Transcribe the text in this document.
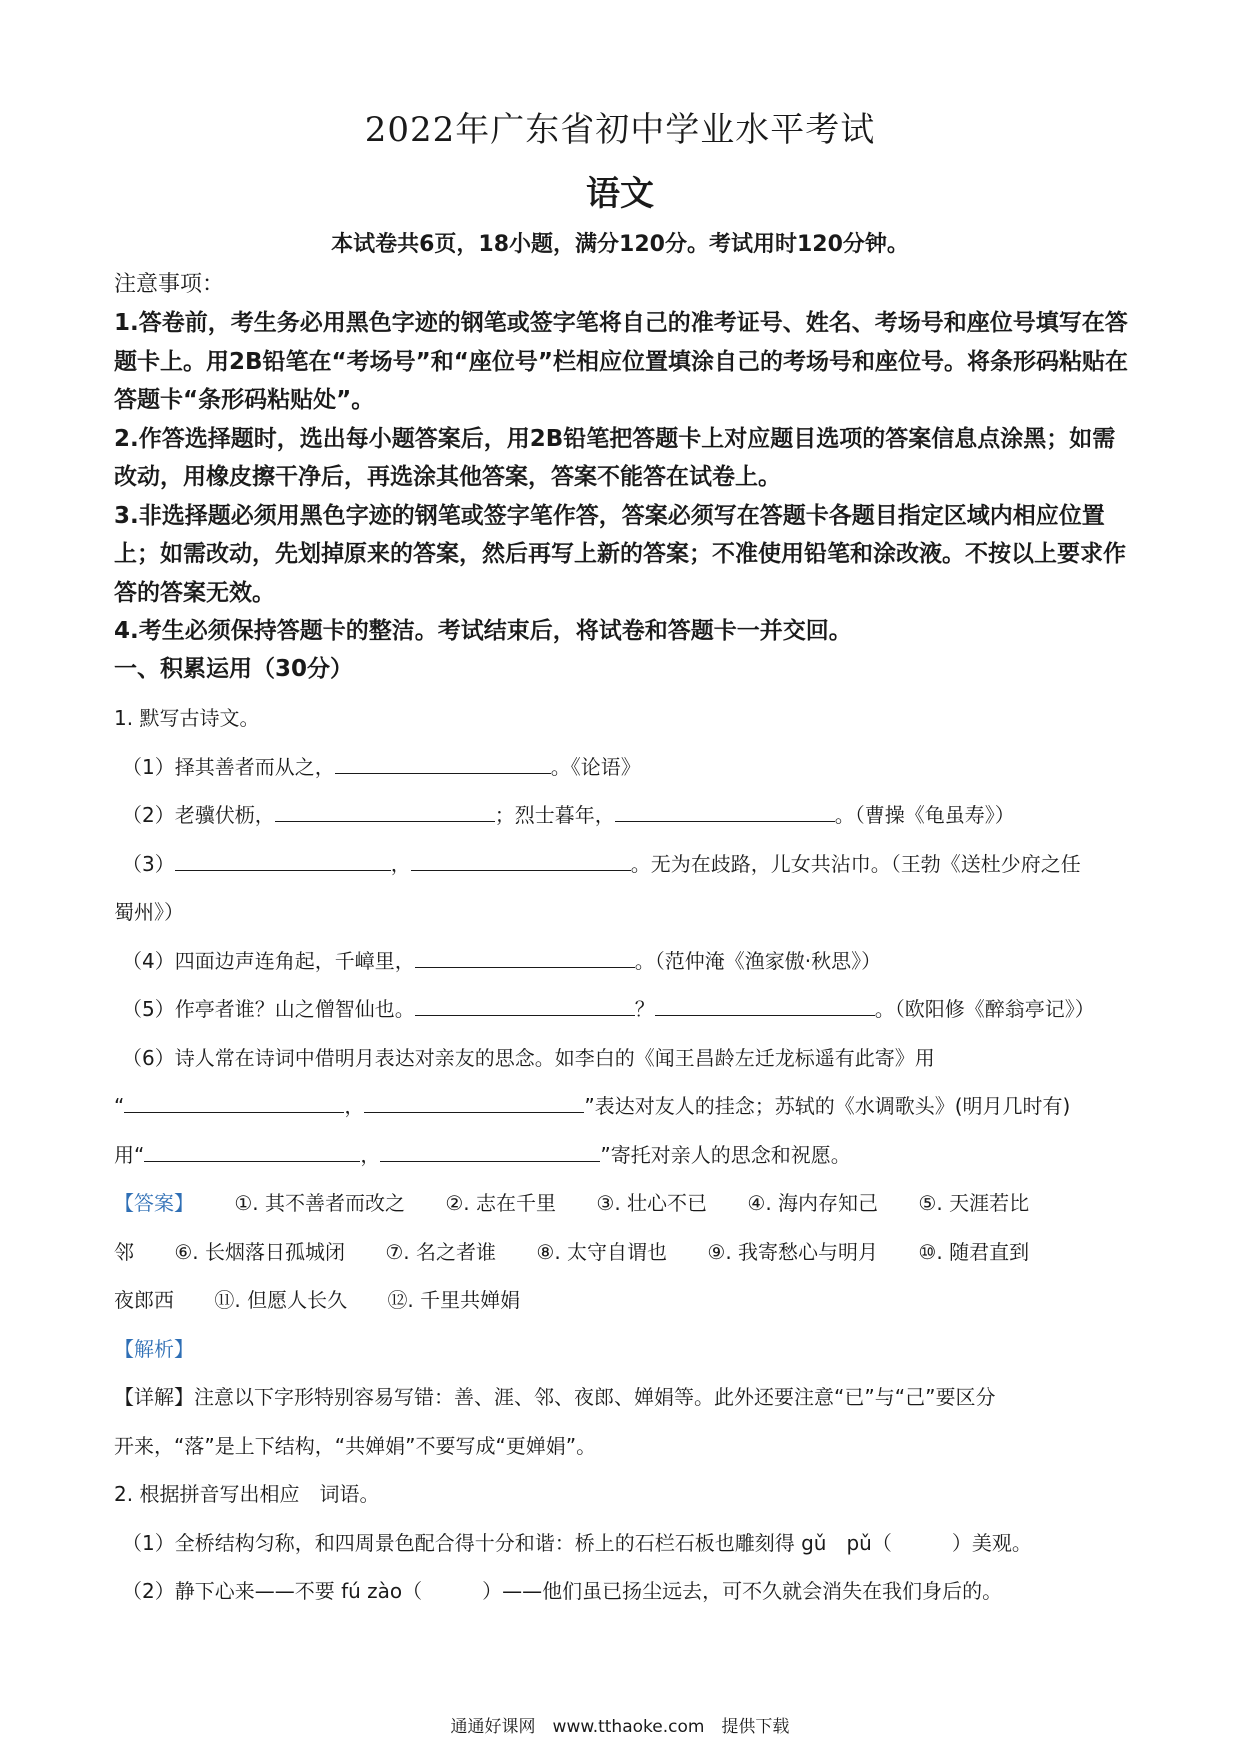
2022年广东省初中学业水平考试
语文
本试卷共6页，18小题，满分120分。考试用时120分钟。
注意事项：

1.答卷前，考生务必用黑色字迹的钢笔或签字笔将自己的准考证号、姓名、考场号和座位号填写在答题卡上。用2B铅笔在“考场号”和“座位号”栏相应位置填涂自己的考场号和座位号。将条形码粘贴在答题卡“条形码粘贴处”。

2.作答选择题时，选出每小题答案后，用2B铅笔把答题卡上对应题目选项的答案信息点涂黑；如需改动，用橡皮擦干净后，再选涂其他答案，答案不能答在试卷上。

3.非选择题必须用黑色字迹的钢笔或签字笔作答，答案必须写在答题卡各题目指定区域内相应位置上；如需改动，先划掉原来的答案，然后再写上新的答案；不准使用铅笔和涂改液。不按以上要求作答的答案无效。

4.考生必须保持答题卡的整洁。考试结束后，将试卷和答题卡一并交回。

一、积累运用（30分）

1. 默写古诗文。

（1）择其善者而从之，	。《论语》

（2）老骥伏枥，	；烈士暮年，	。（曹操《龟虽寿》）

（3）	，	。无为在歧路，儿女共沾巾。（王勃《送杜少府之任

蜀州》）

（4）四面边声连角起，千嶂里，	。（范仲淹《渔家傲·秋思》）

（5）作亭者谁？山之僧智仙也。	？	。（欧阳修《醉翁亭记》）

（6）诗人常在诗词中借明月表达对亲友的思念。如李白的《闻王昌龄左迁龙标遥有此寄》用

“	，	”表达对友人的挂念；苏轼的《水调歌头》(明月几时有)

用“	，	”寄托对亲人的思念和祝愿。

【答案】 ①. 其不善者而改之 ②. 志在千里 ③. 壮心不已 ④. 海内存知己 ⑤. 天涯若比

邻 ⑥. 长烟落日孤城闭 ⑦. 名之者谁 ⑧. 太守自谓也 ⑨. 我寄愁心与明月 ⑩. 随君直到

夜郎西 ⑪. 但愿人长久 ⑫. 千里共婵娟

【解析】

【详解】注意以下字形特别容易写错：善、涯、邻、夜郎、婵娟等。此外还要注意“已”与“己”要区分

开来，“落”是上下结构，“共婵娟”不要写成“更婵娟”。

2. 根据拼音写出相应　词语。

（1）全桥结构匀称，和四周景色配合得十分和谐：桥上的石栏石板也雕刻得 gǔ　pǔ（　　　）美观。

（2）静下心来——不要 fú zào（　　　）——他们虽已扬尘远去，可不久就会消失在我们身后的。

通通好课网　www.tthaoke.com　提供下载
